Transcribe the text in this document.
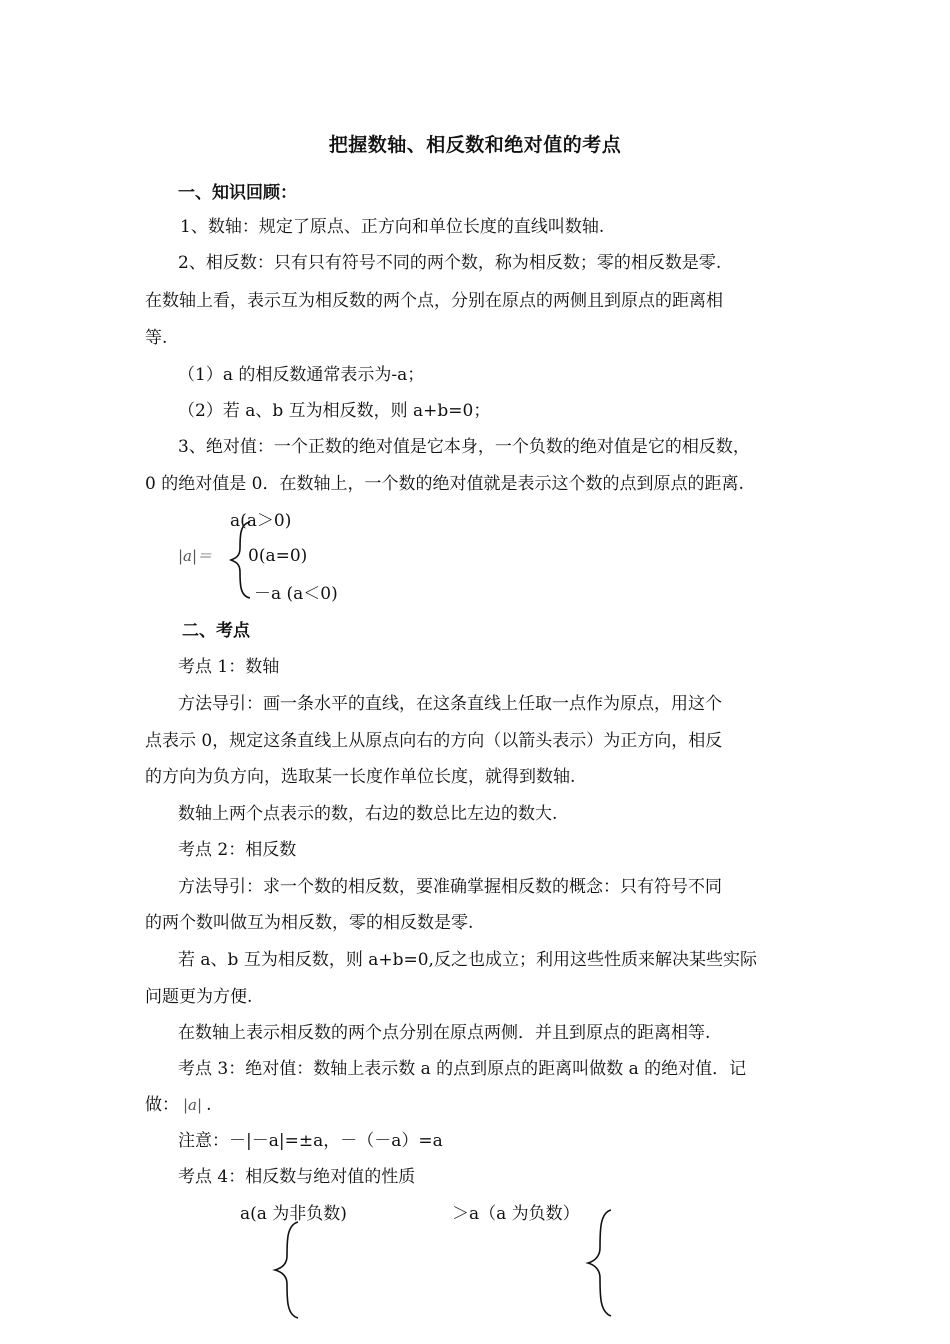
把握数轴、相反数和绝对值的考点
一、知识回顾：
1、数轴：规定了原点、正方向和单位长度的直线叫数轴.
2、相反数：只有只有符号不同的两个数，称为相反数；零的相反数是零.
在数轴上看，表示互为相反数的两个点，分别在原点的两侧且到原点的距离相
等.
（1）a 的相反数通常表示为-a；
（2）若 a、b 互为相反数，则 a+b=0；
3、绝对值：一个正数的绝对值是它本身，一个负数的绝对值是它的相反数，
0 的绝对值是 0．在数轴上，一个数的绝对值就是表示这个数的点到原点的距离.
|a|＝
a(a＞0)
0(a=0)
－a (a＜0)
二、考点
考点 1：数轴
方法导引：画一条水平的直线，在这条直线上任取一点作为原点，用这个
点表示 0，规定这条直线上从原点向右的方向（以箭头表示）为正方向，相反
的方向为负方向，选取某一长度作单位长度，就得到数轴.
数轴上两个点表示的数，右边的数总比左边的数大.
考点 2：相反数
方法导引：求一个数的相反数，要准确掌握相反数的概念：只有符号不同
的两个数叫做互为相反数，零的相反数是零.
若 a、b 互为相反数，则 a+b=0,反之也成立；利用这些性质来解决某些实际
问题更为方便.
在数轴上表示相反数的两个点分别在原点两侧．并且到原点的距离相等.
考点 3：绝对值：数轴上表示数 a 的点到原点的距离叫做数 a 的绝对值．记
做： |a| .
注意：－|－a|=±a，－（－a）=a
考点 4：相反数与绝对值的性质
a(a 为非负数)	＞a（a 为负数）
